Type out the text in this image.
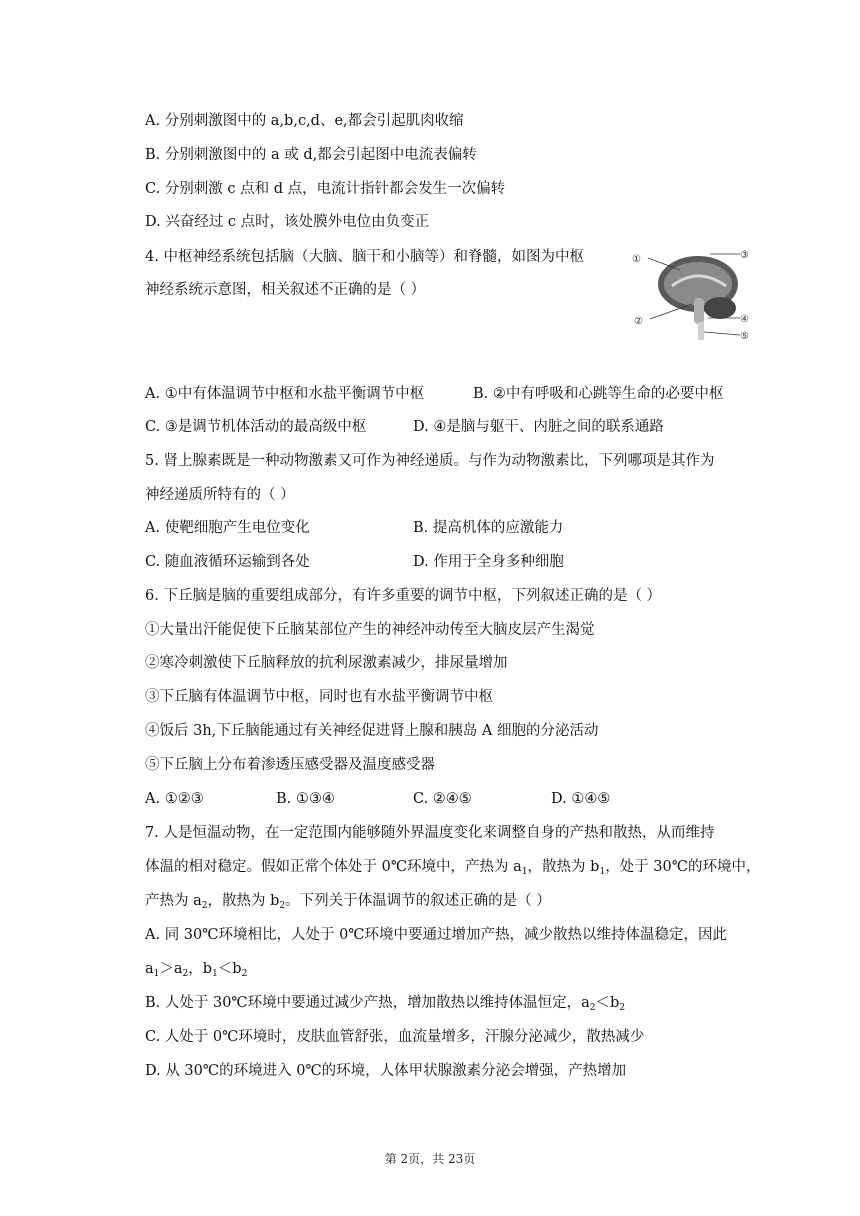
A. 分别刺激图中的 a,b,c,d、e,都会引起肌肉收缩
B. 分别刺激图中的 a 或 d,都会引起图中电流表偏转
C. 分别刺激 c 点和 d 点，电流计指针都会发生一次偏转
D. 兴奋经过 c 点时，该处膜外电位由负变正
4. 中枢神经系统包括脑（大脑、脑干和小脑等）和脊髓，如图为中枢
神经系统示意图，相关叙述不正确的是（ ）
①
②
③
④
⑤
A. ①中有体温调节中枢和水盐平衡调节中枢	B. ②中有呼吸和心跳等生命的必要中枢
C. ③是调节机体活动的最高级中枢	D. ④是脑与躯干、内脏之间的联系通路
5. 肾上腺素既是一种动物激素又可作为神经递质。与作为动物激素比，下列哪项是其作为
神经递质所特有的（ ）
A. 使靶细胞产生电位变化	B. 提高机体的应激能力
C. 随血液循环运输到各处	D. 作用于全身多种细胞
6. 下丘脑是脑的重要组成部分，有许多重要的调节中枢，下列叙述正确的是（ ）
①大量出汗能促使下丘脑某部位产生的神经冲动传至大脑皮层产生渴觉
②寒冷刺激使下丘脑释放的抗利尿激素减少，排尿量增加
③下丘脑有体温调节中枢，同时也有水盐平衡调节中枢
④饭后 3h,下丘脑能通过有关神经促进肾上腺和胰岛 A 细胞的分泌活动
⑤下丘脑上分布着渗透压感受器及温度感受器
A. ①②③	B. ①③④	C. ②④⑤	D. ①④⑤
7. 人是恒温动物，在一定范围内能够随外界温度变化来调整自身的产热和散热，从而维持
体温的相对稳定。假如正常个体处于 0℃环境中，产热为 $a_1$，散热为 $b_1$，处于 30℃的环境中，
产热为 $a_2$，散热为 $b_2$。下列关于体温调节的叙述正确的是（ ）
A. 同 30℃环境相比，人处于 0℃环境中要通过增加产热，减少散热以维持体温稳定，因此
$a_1>a_2$，$b_1<b_2$
B. 人处于 30℃环境中要通过减少产热，增加散热以维持体温恒定，$a_2<b_2$
C. 人处于 0℃环境时，皮肤血管舒张，血流量增多，汗腺分泌减少，散热减少
D. 从 30℃的环境进入 0℃的环境，人体甲状腺激素分泌会增强，产热增加
第 2页，共 23页
